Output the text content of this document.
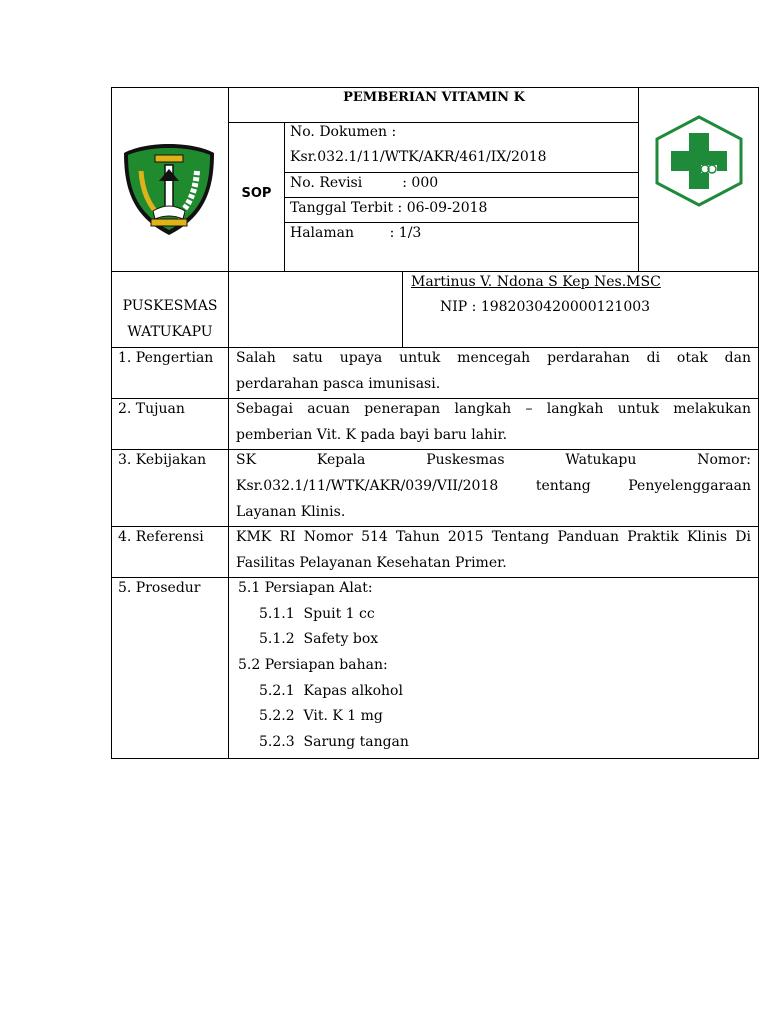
PEMBERIAN VITAMIN K
SOP
No. Dokumen :
Ksr.032.1/11/WTK/AKR/461/IX/2018
No. Revisi         : 000
Tanggal Terbit : 06-09-2018
Halaman        : 1/3
PUSKESMAS
WATUKAPU
Martinus V. Ndona S Kep Nes.MSC
NIP : 198203042000012100​3
1. Pengertian Salah satu upaya untuk mencegah perdarahan di otak dan
perdarahan pasca imunisasi.
2. Tujuan	Sebagai acuan penerapan langkah – langkah untuk melakukan
pemberian Vit. K pada bayi baru lahir.
3. Kebijakan SK Kepala Puskesmas Watukapu Nomor:
Ksr.032.1/11/WTK/AKR/039/VII/2018 tentang Penyelenggaraan
Layanan Klinis.
4. Referensi KMK RI Nomor 514 Tahun 2015 Tentang Panduan Praktik Klinis Di
Fasilitas Pelayanan Kesehatan Primer.
5. Prosedur	5.1 Persiapan Alat:
5.1.1  Spuit 1 cc
5.1.2  Safety box
5.2 Persiapan bahan:
5.2.1  Kapas alkohol
5.2.2  Vit. K 1 mg
5.2.3  Sarung tangan
